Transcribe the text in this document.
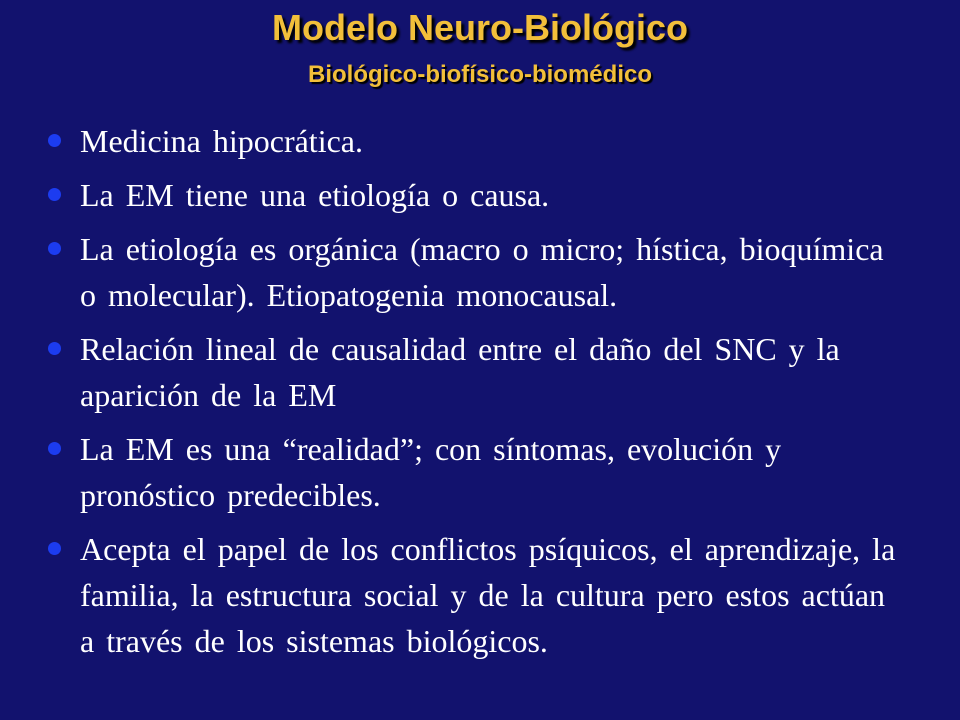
Modelo Neuro-Biológico
Biológico-biofísico-biomédico
Medicina hipocrática.
La EM tiene una etiología o causa.
La etiología es orgánica (macro o micro; hística, bioquímica o molecular). Etiopatogenia monocausal.
Relación lineal de causalidad entre el daño del SNC y la aparición de la EM
La EM es una “realidad”; con síntomas, evolución y pronóstico predecibles.
Acepta el papel de los conflictos psíquicos, el aprendizaje, la familia, la estructura social y de la cultura pero estos actúan a través de los sistemas biológicos.
